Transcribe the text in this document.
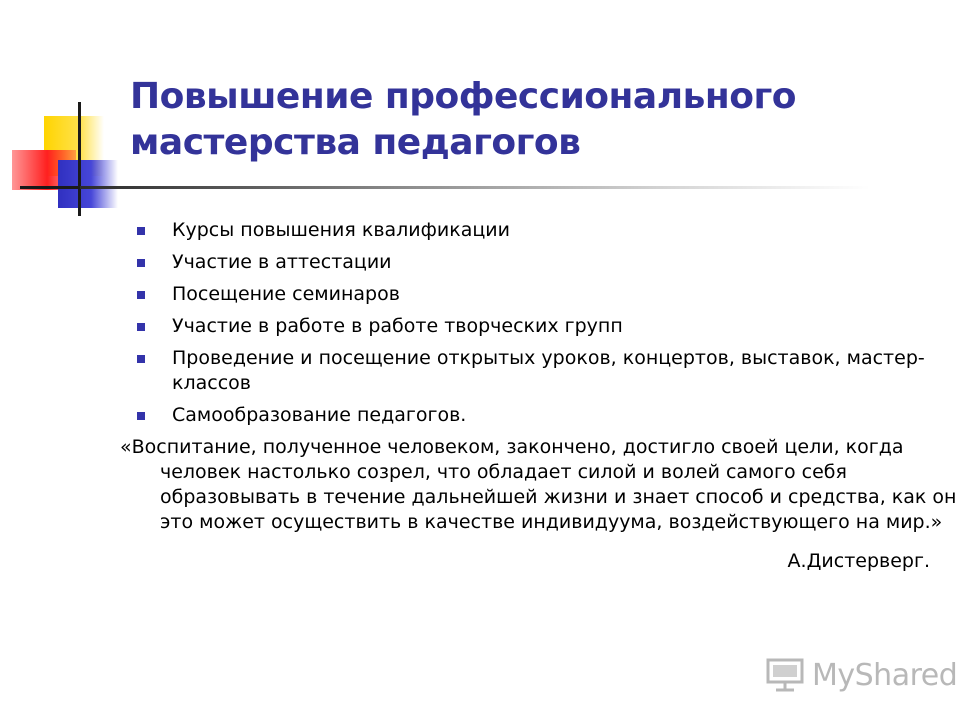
Повышение профессионального
мастерства педагогов
Курсы повышения квалификации
Участие в аттестации
Посещение семинаров
Участие в работе в работе творческих групп
Проведение и посещение открытых уроков, концертов, выставок, мастер- классов
Самообразование педагогов.

«Воспитание, полученное человеком, закончено, достигло своей цели, когда человек настолько созрел, что обладает силой и волей самого себя образовывать в течение дальнейшей жизни и знает способ и средства, как он это может осуществить в качестве индивидуума, воздействующего на мир.»

А.Дистерверг.
MyShared
